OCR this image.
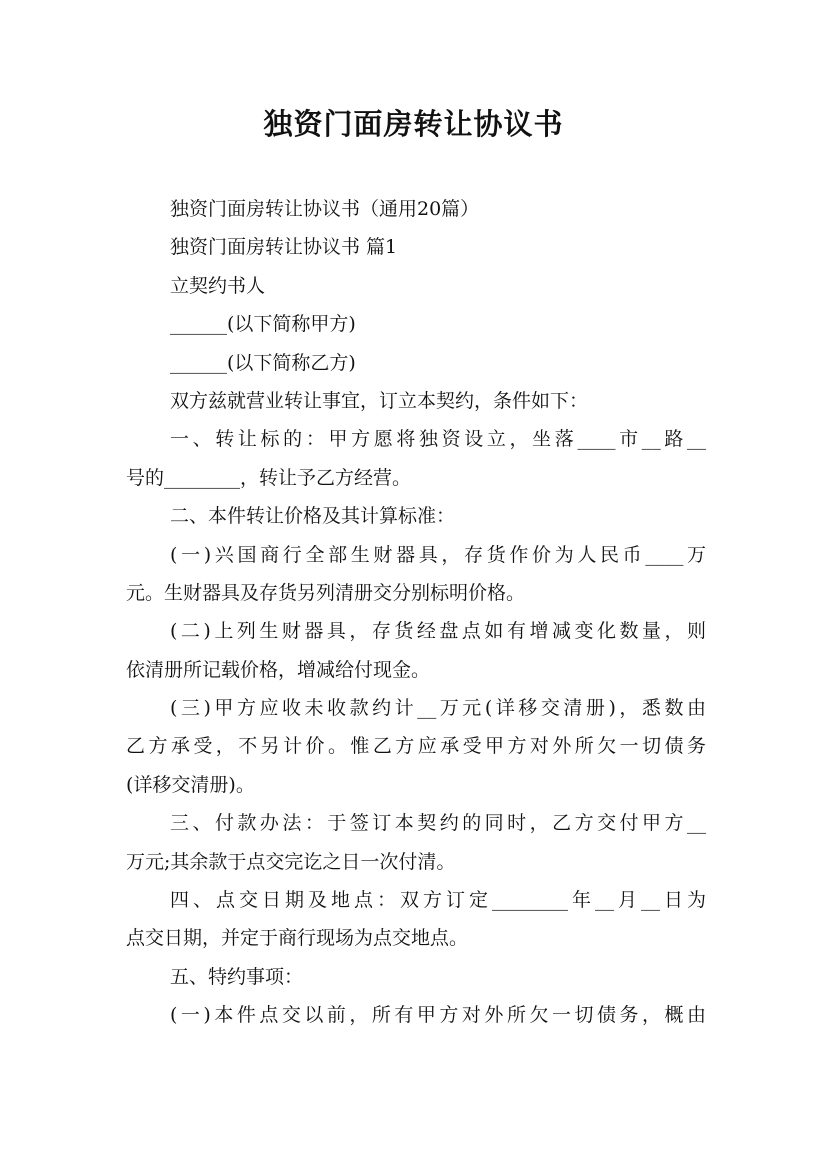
独资门面房转让协议书

独资门面房转让协议书（通用20篇）

独资门面房转让协议书 篇1

立契约书人

______(以下简称甲方)

______(以下简称乙方)

双方兹就营业转让事宜，订立本契约，条件如下：

一、转让标的：甲方愿将独资设立，坐落____市__路__

号的________，转让予乙方经营。

二、本件转让价格及其计算标准：

(一)兴国商行全部生财器具，存货作价为人民币____万

元。生财器具及存货另列清册交分别标明价格。

(二)上列生财器具，存货经盘点如有增减变化数量，则

依清册所记载价格，增减给付现金。

(三)甲方应收未收款约计__万元(详移交清册)，悉数由

乙方承受，不另计价。惟乙方应承受甲方对外所欠一切债务

(详移交清册)。

三、付款办法：于签订本契约的同时，乙方交付甲方__

万元;其余款于点交完讫之日一次付清。

四、点交日期及地点：双方订定________年__月__日为

点交日期，并定于商行现场为点交地点。

五、特约事项：

(一)本件点交以前，所有甲方对外所欠一切债务，概由
